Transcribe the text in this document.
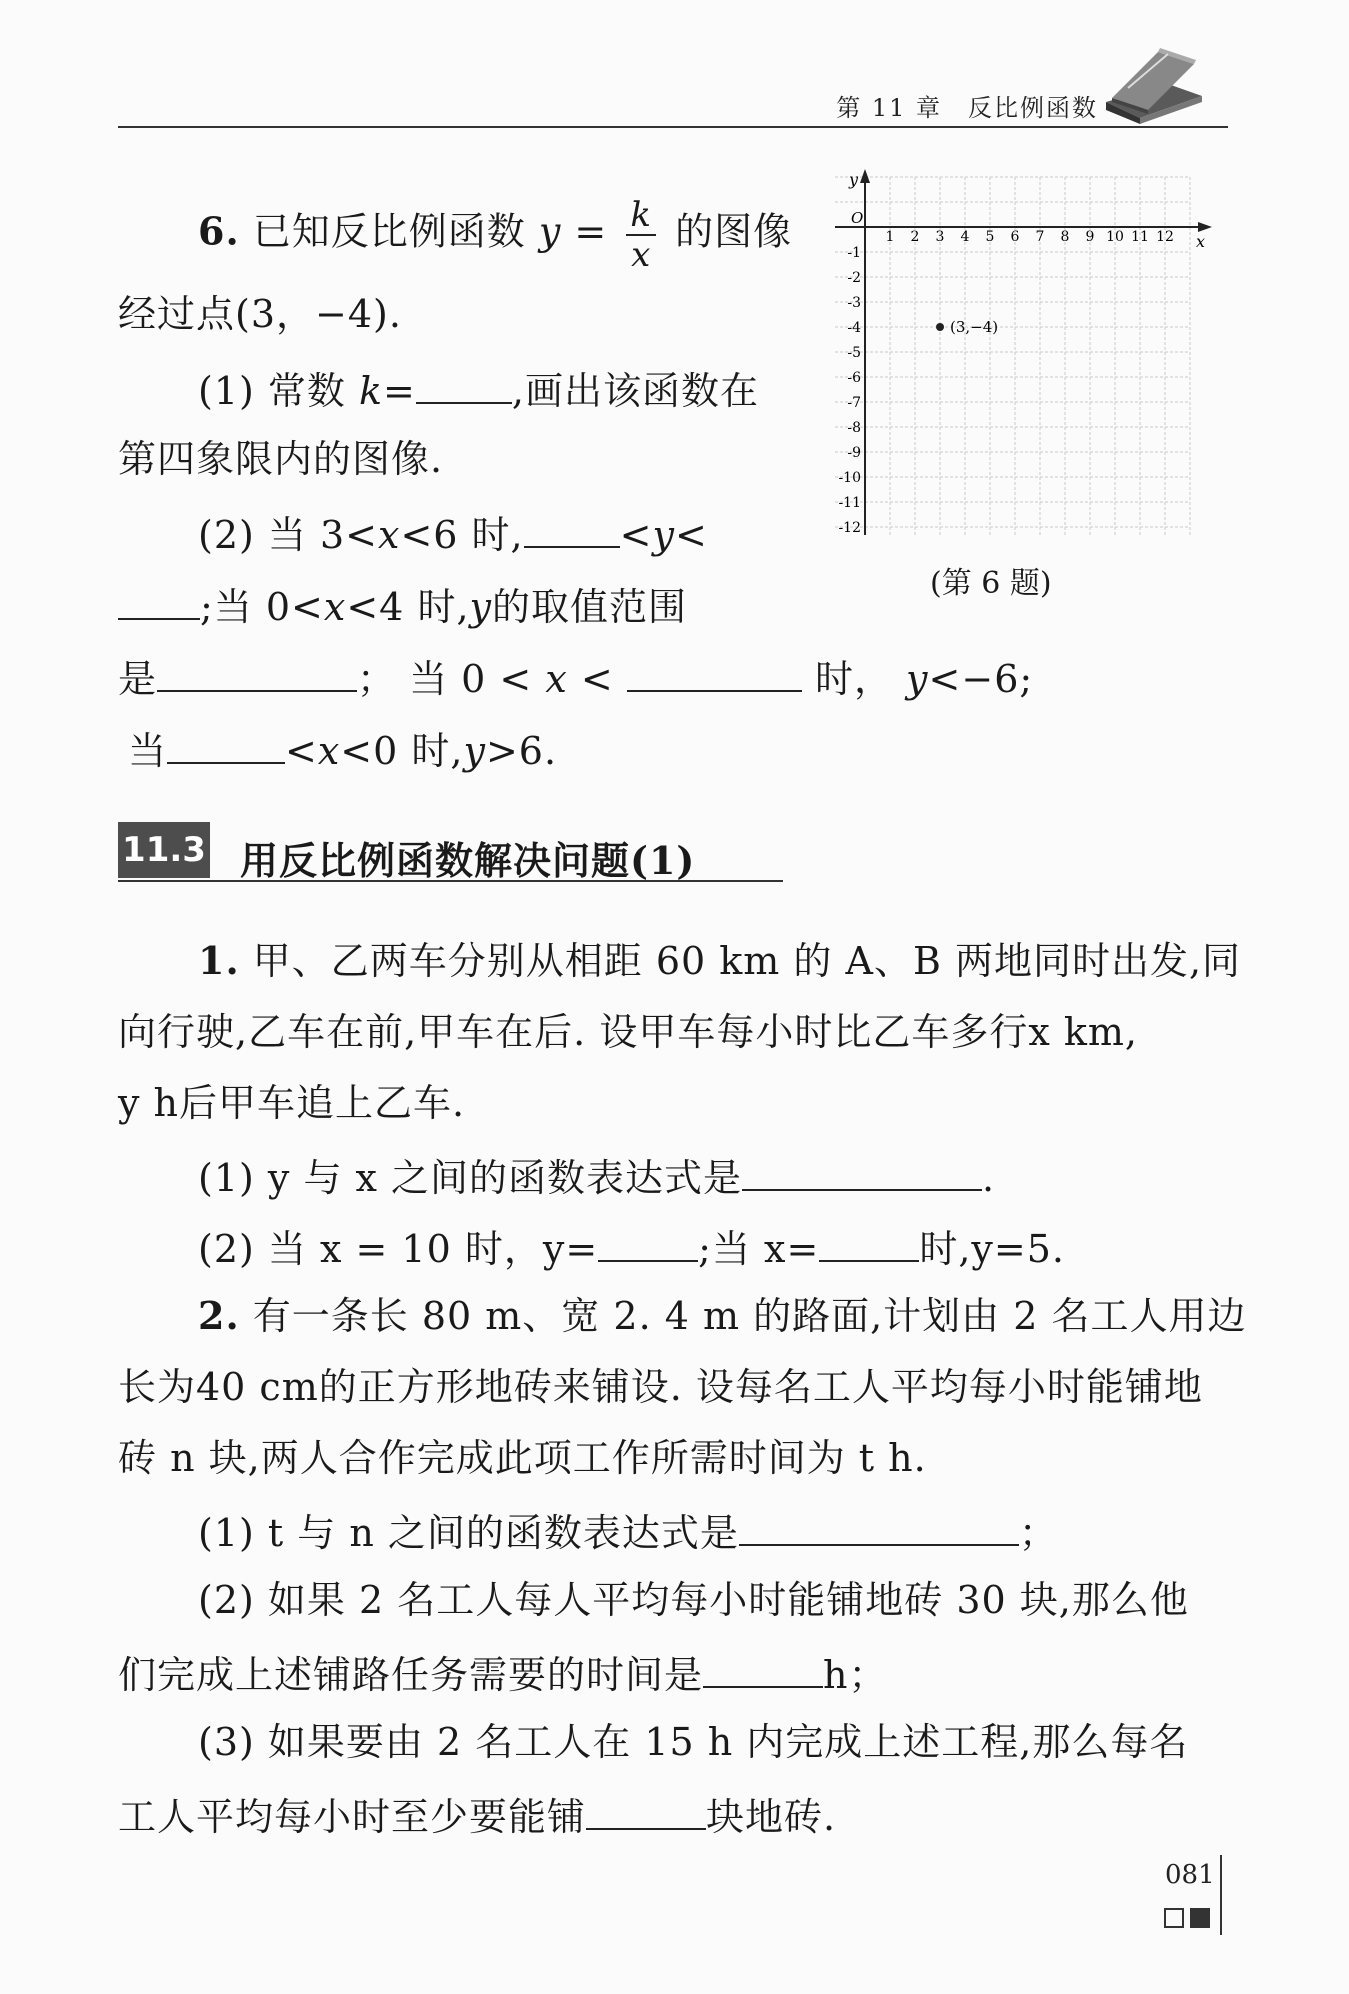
第 11 章　反比例函数
6. 已知反比例函数 $y = \frac{k}{x}$ 的图像
经过点(3，−4).
(1) 常数 k=	,画出该函数在
第四象限内的图像.
(2) 当 3<x<6 时,	<y<
;当 0<x<4 时,y的取值范围
是	； 当 0 < x <	时， y<−6;
当	<x<0 时,y>6.
x
y
O
1 2 3 4 5 6 7 8 9 10 11 12
-1
-2
-3
-4
-5
-6
-7
-8
-9
-10
-11
-12
(3,−4)
(第 6 题)
11.3 用反比例函数解决问题(1)
1. 甲、乙两车分别从相距 60 km 的 A、B 两地同时出发,同
向行驶,乙车在前,甲车在后. 设甲车每小时比乙车多行x km,
y h后甲车追上乙车.
(1) y 与 x 之间的函数表达式是	.
(2) 当 x = 10 时，y=	;当 x=	时,y=5.
2. 有一条长 80 m、宽 2. 4 m 的路面,计划由 2 名工人用边
长为40 cm的正方形地砖来铺设. 设每名工人平均每小时能铺地
砖 n 块,两人合作完成此项工作所需时间为 t h.
(1) t 与 n 之间的函数表达式是	；
(2) 如果 2 名工人每人平均每小时能铺地砖 30 块,那么他
们完成上述铺路任务需要的时间是	h；
(3) 如果要由 2 名工人在 15 h 内完成上述工程,那么每名
工人平均每小时至少要能铺	块地砖.
081
